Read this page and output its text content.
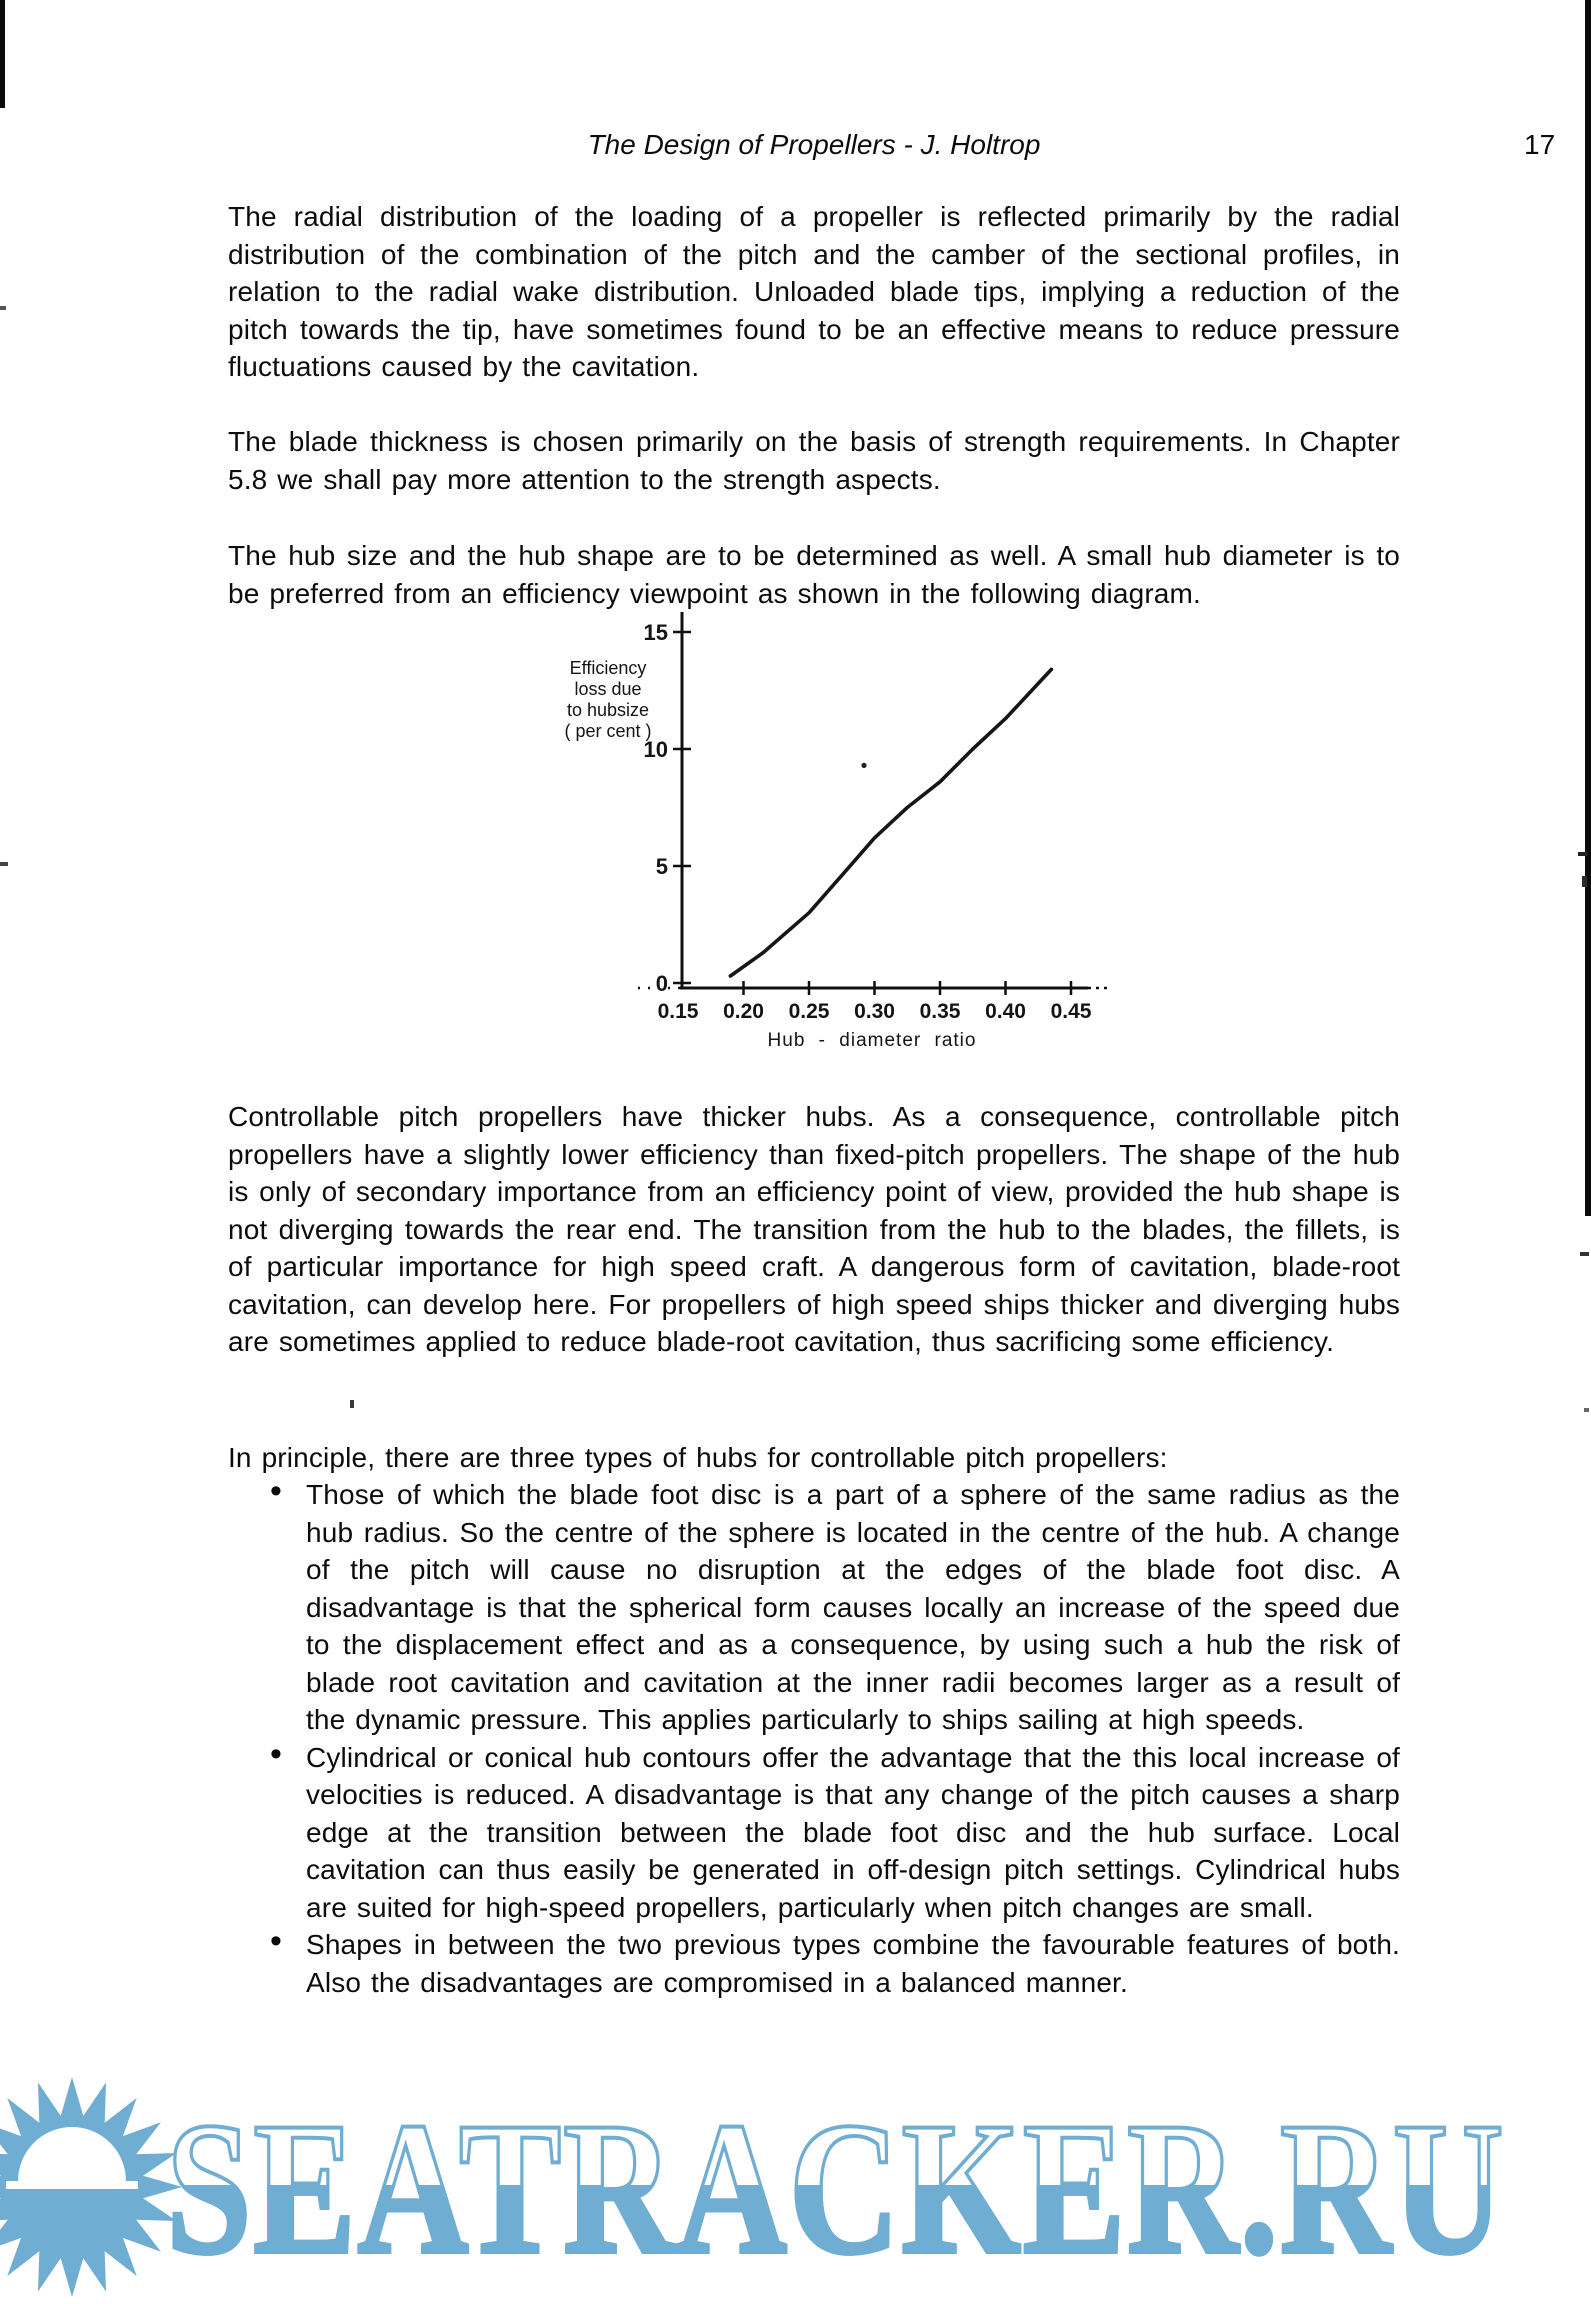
The Design of Propellers - J. Holtrop	17
The radial distribution of the loading of a propeller is reflected primarily by the radial distribution of the combination of the pitch and the camber of the sectional profiles, in relation to the radial wake distribution. Unloaded blade tips, implying a reduction of the pitch towards the tip, have sometimes found to be an effective means to reduce pressure fluctuations caused by the cavitation.
The blade thickness is chosen primarily on the basis of strength requirements. In Chapter 5.8 we shall pay more attention to the strength aspects.
The hub size and the hub shape are to be determined as well. A small hub diameter is to be preferred from an efficiency viewpoint as shown in the following diagram.
0
5
10
15
0.15 0.20 0.25 0.30 0.35 0.40 0.45
Efficiency
loss due
to hubsize
( per cent )
Hub - diameter ratio
Controllable pitch propellers have thicker hubs. As a consequence, controllable pitch propellers have a slightly lower efficiency than fixed-pitch propellers. The shape of the hub is only of secondary importance from an efficiency point of view, provided the hub shape is not diverging towards the rear end. The transition from the hub to the blades, the fillets, is of particular importance for high speed craft. A dangerous form of cavitation, blade-root cavitation, can develop here. For propellers of high speed ships thicker and diverging hubs are sometimes applied to reduce blade-root cavitation, thus sacrificing some efficiency.
In principle, there are three types of hubs for controllable pitch propellers:
• Those of which the blade foot disc is a part of a sphere of the same radius as the hub radius. So the centre of the sphere is located in the centre of the hub. A change of the pitch will cause no disruption at the edges of the blade foot disc. A disadvantage is that the spherical form causes locally an increase of the speed due to the displacement effect and as a consequence, by using such a hub the risk of blade root cavitation and cavitation at the inner radii becomes larger as a result of the dynamic pressure. This applies particularly to ships sailing at high speeds.
• Cylindrical or conical hub contours offer the advantage that the this local increase of velocities is reduced. A disadvantage is that any change of the pitch causes a sharp edge at the transition between the blade foot disc and the hub surface. Local cavitation can thus easily be generated in off-design pitch settings. Cylindrical hubs are suited for high-speed propellers, particularly when pitch changes are small.
• Shapes in between the two previous types combine the favourable features of both. Also the disadvantages are compromised in a balanced manner.
SEATRACKER.RU
